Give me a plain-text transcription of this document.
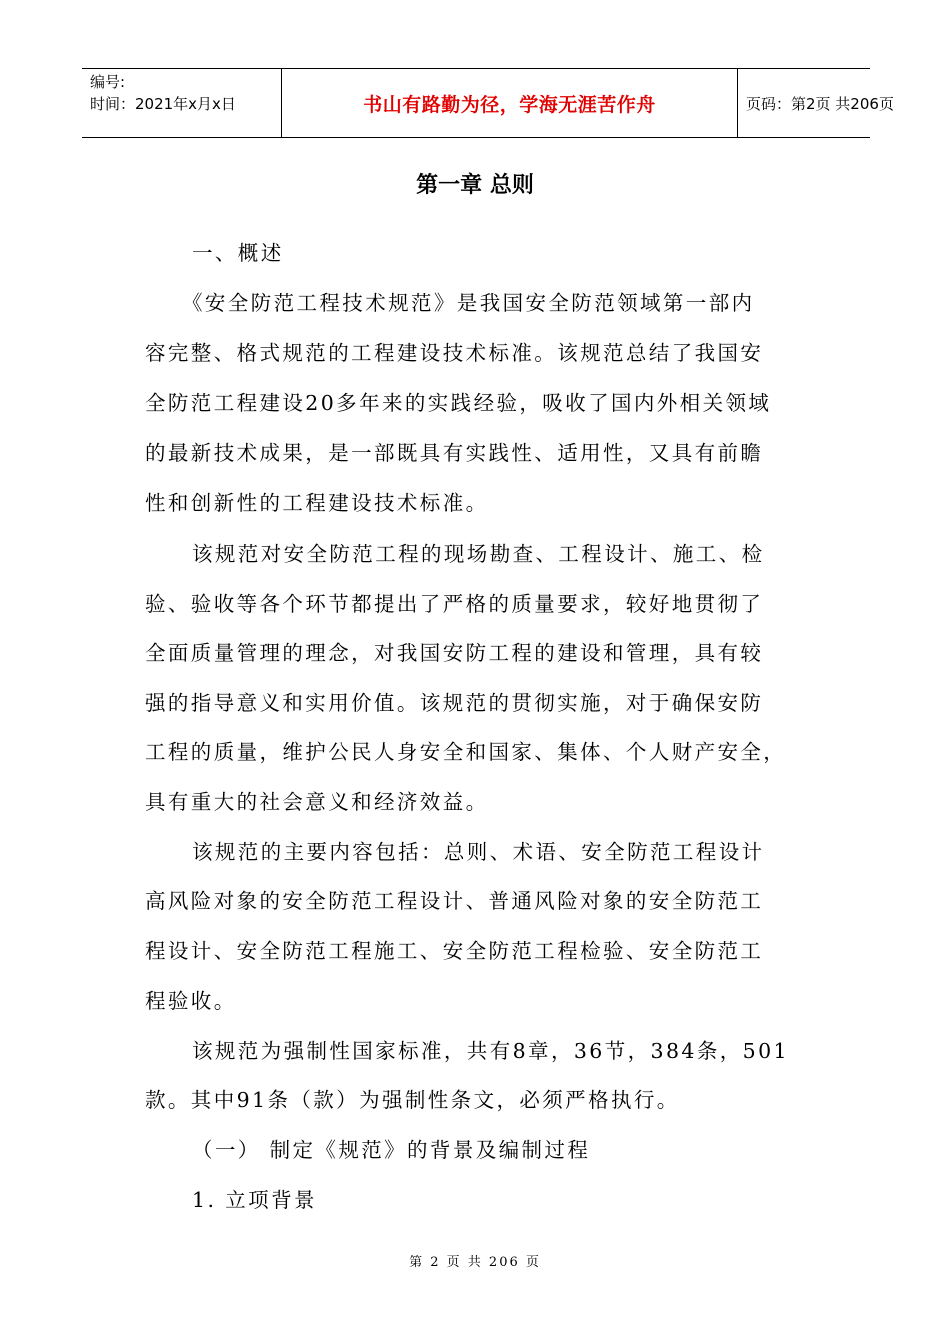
编号:
时间：2021年x月x日	书山有路勤为径，学海无涯苦作舟	页码：第2页 共206页
第一章 总则
一、概述
《安全防范工程技术规范》是我国安全防范领域第一部内
容完整、格式规范的工程建设技术标准。该规范总结了我国安
全防范工程建设20多年来的实践经验，吸收了国内外相关领域
的最新技术成果，是一部既具有实践性、适用性，又具有前瞻
性和创新性的工程建设技术标准。
该规范对安全防范工程的现场勘查、工程设计、施工、检
验、验收等各个环节都提出了严格的质量要求，较好地贯彻了
全面质量管理的理念，对我国安防工程的建设和管理，具有较
强的指导意义和实用价值。该规范的贯彻实施，对于确保安防
工程的质量，维护公民人身安全和国家、集体、个人财产安全，
具有重大的社会意义和经济效益。
该规范的主要内容包括：总则、术语、安全防范工程设计
高风险对象的安全防范工程设计、普通风险对象的安全防范工
程设计、安全防范工程施工、安全防范工程检验、安全防范工
程验收。
该规范为强制性国家标准，共有8章，36节，384条，501
款。其中91条（款）为强制性条文，必须严格执行。
（一） 制定《规范》的背景及编制过程
1. 立项背景
第 2 页 共 206 页
